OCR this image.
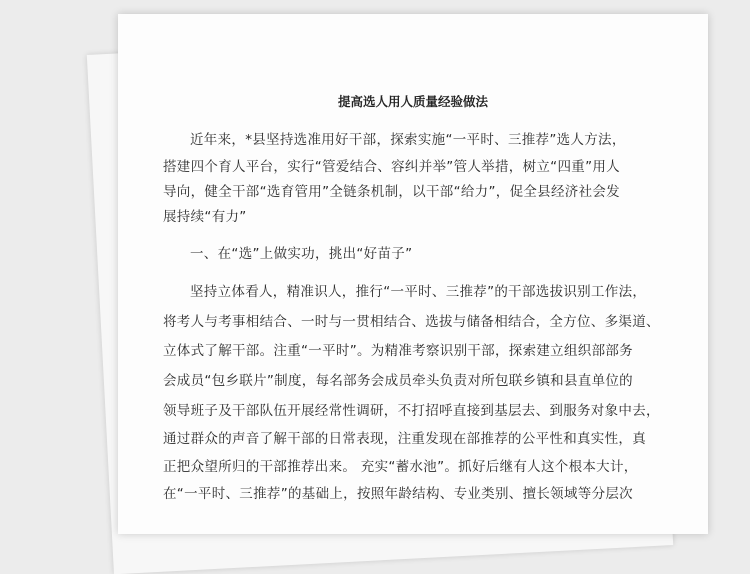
提高选人用人质量经验做法
近年来，*县坚持选准用好干部，探索实施“一平时、三推荐”选人方法，
搭建四个育人平台，实行“管爱结合、容纠并举”管人举措，树立“四重”用人
导向，健全干部“选育管用”全链条机制，以干部“给力”，促全县经济社会发
展持续“有力”
一、在“选”上做实功，挑出“好苗子”
坚持立体看人，精准识人，推行“一平时、三推荐”的干部选拔识别工作法，
将考人与考事相结合、一时与一贯相结合、选拔与储备相结合，全方位、多渠道、
立体式了解干部。注重“一平时”。为精准考察识别干部，探索建立组织部部务
会成员“包乡联片”制度，每名部务会成员牵头负责对所包联乡镇和县直单位的
领导班子及干部队伍开展经常性调研，不打招呼直接到基层去、到服务对象中去，
通过群众的声音了解干部的日常表现，注重发现在部推荐的公平性和真实性，真
正把众望所归的干部推荐出来。 充实“蓄水池”。抓好后继有人这个根本大计，
在“一平时、三推荐”的基础上，按照年龄结构、专业类别、擅长领域等分层次
